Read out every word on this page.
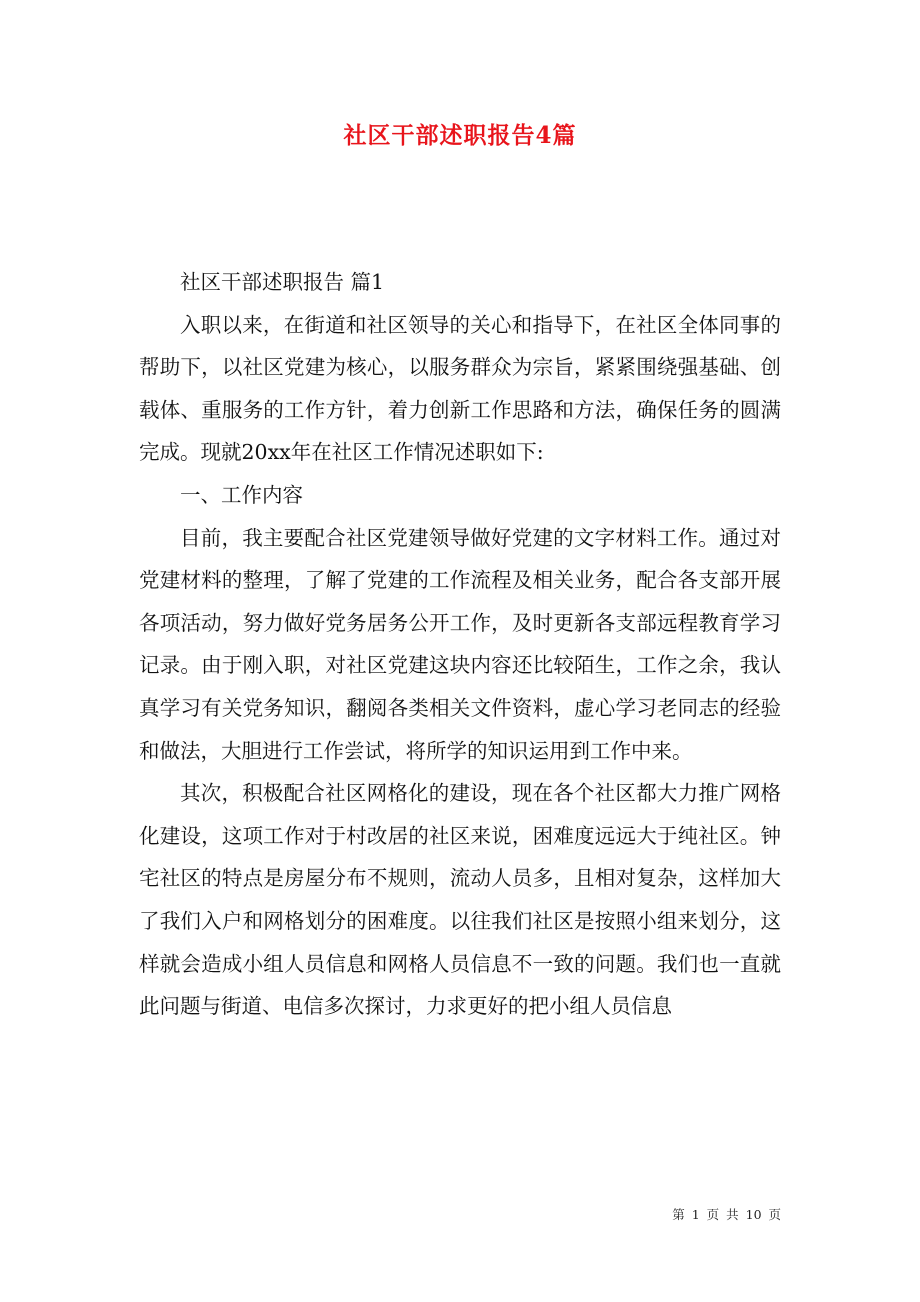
社区干部述职报告4篇

社区干部述职报告 篇1

入职以来，在街道和社区领导的关心和指导下，在社区全体同事的帮助下，以社区党建为核心，以服务群众为宗旨，紧紧围绕强基础、创载体、重服务的工作方针，着力创新工作思路和方法，确保任务的圆满完成。现就20xx年在社区工作情况述职如下:

一、工作内容

目前，我主要配合社区党建领导做好党建的文字材料工作。通过对党建材料的整理，了解了党建的工作流程及相关业务，配合各支部开展各项活动，努力做好党务居务公开工作，及时更新各支部远程教育学习记录。由于刚入职，对社区党建这块内容还比较陌生，工作之余，我认真学习有关党务知识，翻阅各类相关文件资料，虚心学习老同志的经验和做法，大胆进行工作尝试，将所学的知识运用到工作中来。

其次，积极配合社区网格化的建设，现在各个社区都大力推广网格化建设，这项工作对于村改居的社区来说，困难度远远大于纯社区。钟宅社区的特点是房屋分布不规则，流动人员多，且相对复杂，这样加大了我们入户和网格划分的困难度。以往我们社区是按照小组来划分，这样就会造成小组人员信息和网格人员信息不一致的问题。我们也一直就此问题与街道、电信多次探讨，力求更好的把小组人员信息

第 1 页 共 10 页
